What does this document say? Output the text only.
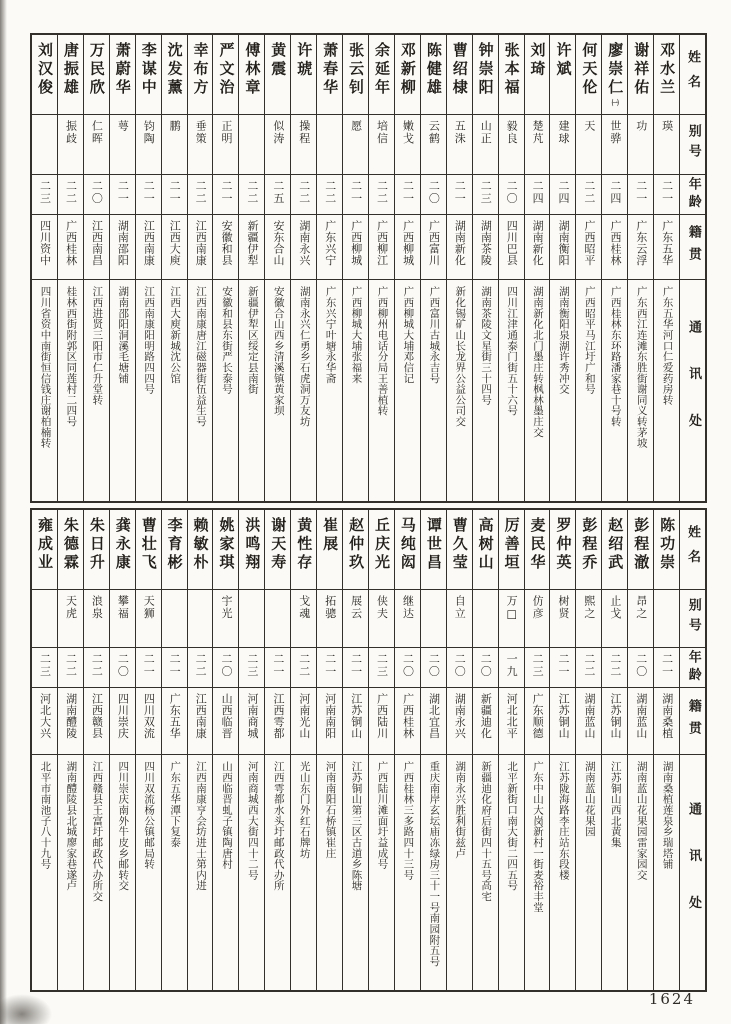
姓名
别号
年龄
籍贯
通讯处
邓水兰
瑛
二一
广东五华
广东五华河口仁爱药房转
谢祥佑
功
二一
广东云浮
广东西江连滩东胜街谢同义转茅坡
廖崇仁
㈠
世骅
二四
广西桂林
广西桂林东环路潘家巷十号转
何天伦
天
二二
广西昭平
广西昭平马江圩广和号
许斌
建球
二四
湖南衡阳
湖南衡阳泉湖许秀冲交
刘琦
楚芃
二四
湖南新化
湖南新化北门墨庄转枫林墨庄交
张本福
毅良
二〇
四川巴县
四川江津通泰门街五十六号
钟崇阳
山正
二三
湖南茶陵
湖南茶陵文星街三十四号
曹绍棣
五洙
二一
湖南新化
新化锡矿山长龙界公益公司交
陈健雄
云鹤
二〇
广西富川
广西富川古城永吉号
邓新柳
嫩戈
二一
广西柳城
广西柳城大埔邓信记
余延年
培信
二二
广西柳江
广西柳州电话分局王善植转
张云钊
愿
二一
广西柳城
广西柳城大埔张福来
萧春华
二二
广东兴宁
广东兴宁叶塘永华斋
许琥
操程
二二
湖南永兴
湖南永兴仁勇乡石虎洞万友坊
黄震
似涛
二五
安东合山
安徽合山西乡清溪镇黄家坝
傅林章
二二
新疆伊犁
新疆伊犁区绥定县南街
严文治
正明
二一
安徽和县
安徽和县东街严长泰号
幸布方
垂策
二二
江西南康
江西南康唐江磁器街伍益生号
沈发薰
鹏
二一
江西大庾
江西大庾新城沈公馆
李谋中
钧陶
二一
江西南康
江西南康阳明路四四号
萧蔚华
萼
二一
湖南邵阳
湖南邵阳洞溪毛塘铺
万民欣
仁晖
二〇
江西南昌
江西进贤三阳市仁升堂转
唐振雄
振歧
二二
广西桂林
桂林西街附郭区同莲村二四号
刘汉俊
二三
四川资中
四川省资中南街恒信钱庄谢柏楠转
姓名
别号
年龄
籍贯
通讯处
陈功崇
二一
湖南桑植
湖南桑植莲泉乡瑞塔铺
彭程澈
昂之
二〇
湖南蓝山
湖南蓝山花果园雷家园交
赵绍武
止戈
二二
江苏铜山
江苏铜山西北黄集
彭程乔
熙之
二二
湖南蓝山
湖南蓝山花果园
罗仲英
树贤
二一
江苏铜山
江苏陇海路李庄站东段楼
麦民华
仿彦
二三
广东顺德
广东中山大岗新村一街麦裕丰堂
厉善垣
万□
一九
河北北平
北平新街口南大街二四五号
高树山
二〇
新疆迪化
新疆迪化府后街四十五号高宅
曹久莹
自立
二〇
湖南永兴
湖南永兴胜利街兹卢
谭世昌
二〇
湖北宜昌
重庆南岸玄坛庙冻绿房三十一号南园附五号
马纯闳
继达
二〇
广西桂林
广西桂林三多路四十三号
丘庆光
侠夫
二三
广西陆川
广西陆川滩面圩益成号
赵仲玖
展云
二一
江苏铜山
江苏铜山第三区古道乡陈塘
崔展
拓骢
二一
河南南阳
河南南阳石桥镇崔庄
黄性存
戈魂
二二
河南光山
光山东门外红石牌坊
谢天寿
二一
江西雩都
江西雩都水头圩邮政代办所
洪鸣翔
二三
河南商城
河南商城西大街四十二号
姚家琪
宇光
二〇
山西临晋
山西临晋虬子镇陶唐村
赖敏朴
二二
江西南康
江西南康亨会坊进士第内进
李育彬
二一
广东五华
广东五华潭下复泰
曹壮飞
天狮
二一
四川双流
四川双流杨公镇邮局转
龚永康
攀福
二〇
四川崇庆
四川崇庆南外牛皮乡邮转交
朱日升
浪泉
二二
江西赣县
江西赣县王富圩邮政代办所交
朱德霖
天虎
二二
湖南醴陵
湖南醴陵县北城廖家巷遂卢
雍成业
二三
河北大兴
北平市南池子八十九号
1624
